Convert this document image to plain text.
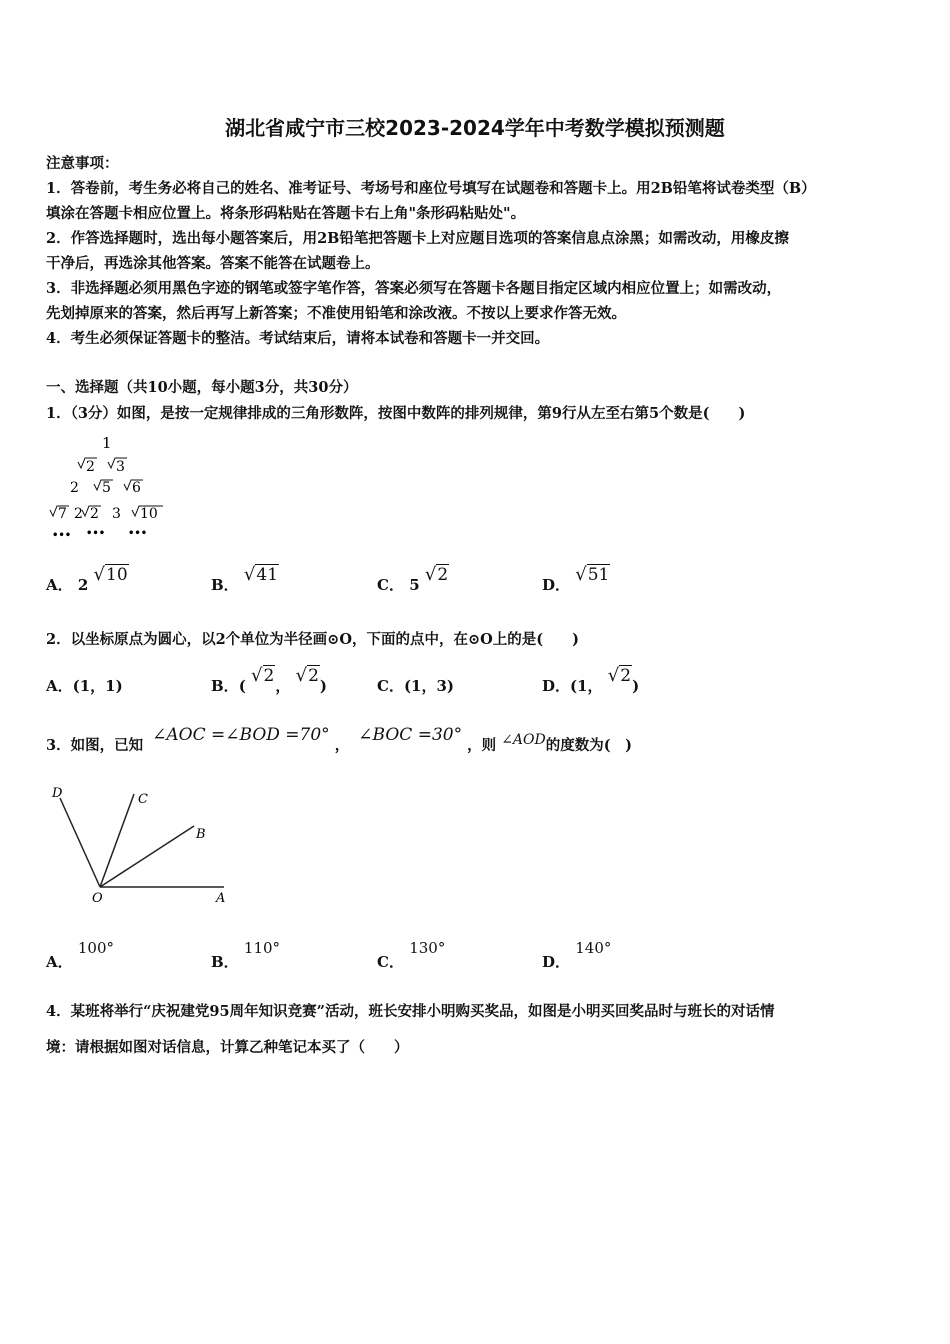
湖北省咸宁市三校2023-2024学年中考数学模拟预测题
注意事项：
1．答卷前，考生务必将自己的姓名、准考证号、考场号和座位号填写在试题卷和答题卡上。用2B铅笔将试卷类型（B）
填涂在答题卡相应位置上。将条形码粘贴在答题卡右上角"条形码粘贴处"。
2．作答选择题时，选出每小题答案后，用2B铅笔把答题卡上对应题目选项的答案信息点涂黑；如需改动，用橡皮擦
干净后，再选涂其他答案。答案不能答在试题卷上。
3．非选择题必须用黑色字迹的钢笔或签字笔作答，答案必须写在答题卡各题目指定区域内相应位置上；如需改动，
先划掉原来的答案，然后再写上新答案；不准使用铅笔和涂改液。不按以上要求作答无效。
4．考生必须保证答题卡的整洁。考试结束后，请将本试卷和答题卡一并交回。
一、选择题（共10小题，每小题3分，共30分）
1．（3分）如图，是按一定规律排成的三角形数阵，按图中数阵的排列规律，第9行从左至右第5个数是(　　)
1
2 3
2 5 6
7 2 2 3 10
••• ••• •••
A． 2 √10	B． √41	C． 5 √2	D． √51
2．以坐标原点为圆心，以2个单位为半径画⊙O，下面的点中，在⊙O上的是(　　)
A．(1，1)	B．( √2， √2)	C．(1，3)	D．(1， √2)
3．如图，已知 ∠AOC =∠BOD =70° ， ∠BOC =30° ，则 ∠AOD的度数为(　)
D	C
B
O	A
A． 100°
B． 110°
C． 130°
D． 140°
4．某班将举行“庆祝建党95周年知识竞赛”活动，班长安排小明购买奖品，如图是小明买回奖品时与班长的对话情
境：请根据如图对话信息，计算乙种笔记本买了（　　）
